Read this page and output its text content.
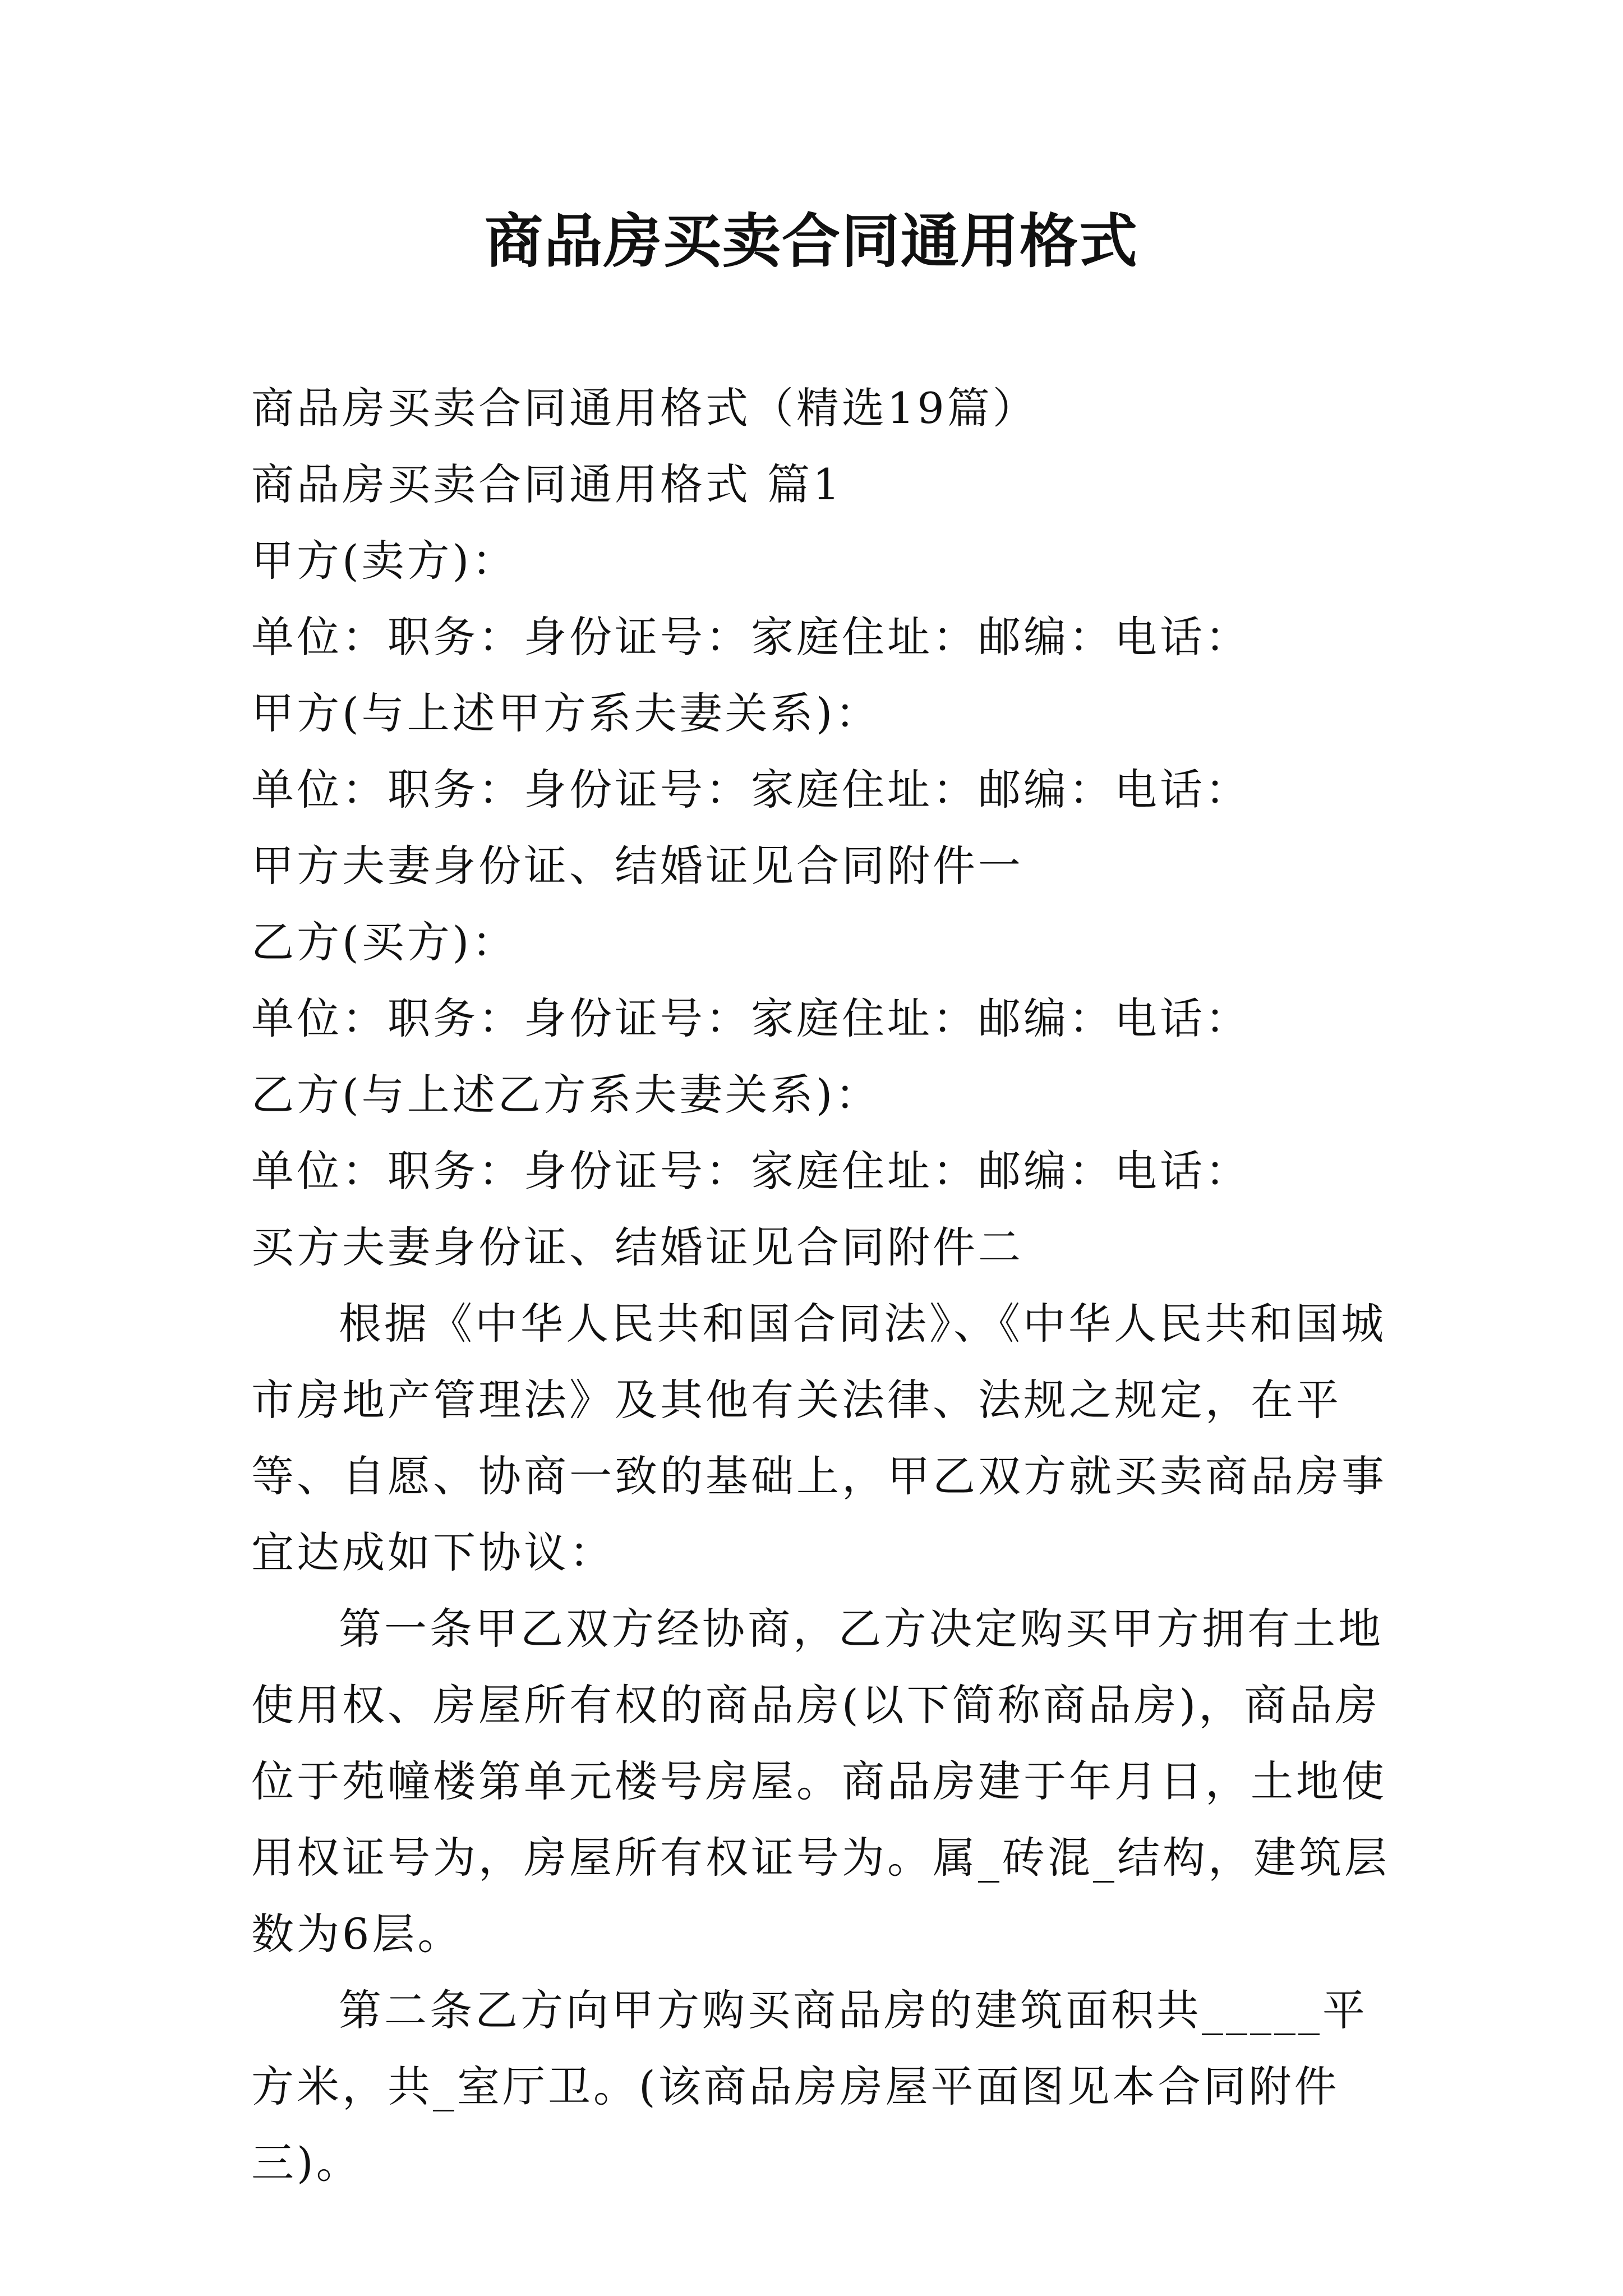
商品房买卖合同通用格式

商品房买卖合同通用格式（精选19篇）

商品房买卖合同通用格式 篇1

甲方(卖方)：

单位：职务：身份证号：家庭住址：邮编：电话：

甲方(与上述甲方系夫妻关系)：

单位：职务：身份证号：家庭住址：邮编：电话：

甲方夫妻身份证、结婚证见合同附件一

乙方(买方)：

单位：职务：身份证号：家庭住址：邮编：电话：

乙方(与上述乙方系夫妻关系)：

单位：职务：身份证号：家庭住址：邮编：电话：

买方夫妻身份证、结婚证见合同附件二

根据《中华人民共和国合同法》、《中华人民共和国城市房地产管理法》及其他有关法律、法规之规定，在平等、自愿、协商一致的基础上，甲乙双方就买卖商品房事宜达成如下协议：

第一条甲乙双方经协商，乙方决定购买甲方拥有土地使用权、房屋所有权的商品房(以下简称商品房)，商品房位于苑幢楼第单元楼号房屋。商品房建于年月日，土地使用权证号为，房屋所有权证号为。属_砖混_结构，建筑层数为6层。

第二条乙方向甲方购买商品房的建筑面积共_____平方米，共_室厅卫。(该商品房房屋平面图见本合同附件三)。
